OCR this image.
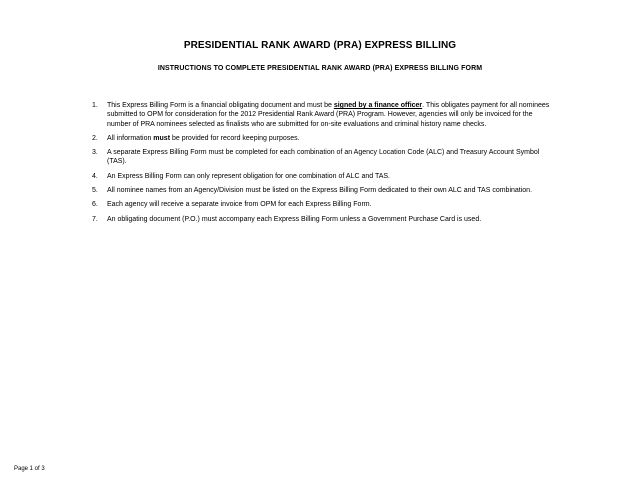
PRESIDENTIAL RANK AWARD (PRA) EXPRESS BILLING
INSTRUCTIONS TO COMPLETE PRESIDENTIAL RANK AWARD (PRA) EXPRESS BILLING FORM
1.	This Express Billing Form is a financial obligating document and must be signed by a finance officer. This obligates payment for all nominees submitted to OPM for consideration for the 2012 Presidential Rank Award (PRA) Program. However, agencies will only be invoiced for the number of PRA nominees selected as finalists who are submitted for on-site evaluations and criminal history name checks.
2.	All information must be provided for record keeping purposes.
3.	A separate Express Billing Form must be completed for each combination of an Agency Location Code (ALC) and Treasury Account Symbol (TAS).
4.	An Express Billing Form can only represent obligation for one combination of ALC and TAS.
5.	All nominee names from an Agency/Division must be listed on the Express Billing Form dedicated to their own ALC and TAS combination.
6.	Each agency will receive a separate invoice from OPM for each Express Billing Form.
7.	An obligating document (P.O.) must accompany each Express Billing Form unless a Government Purchase Card is used.
Page 1 of 3
